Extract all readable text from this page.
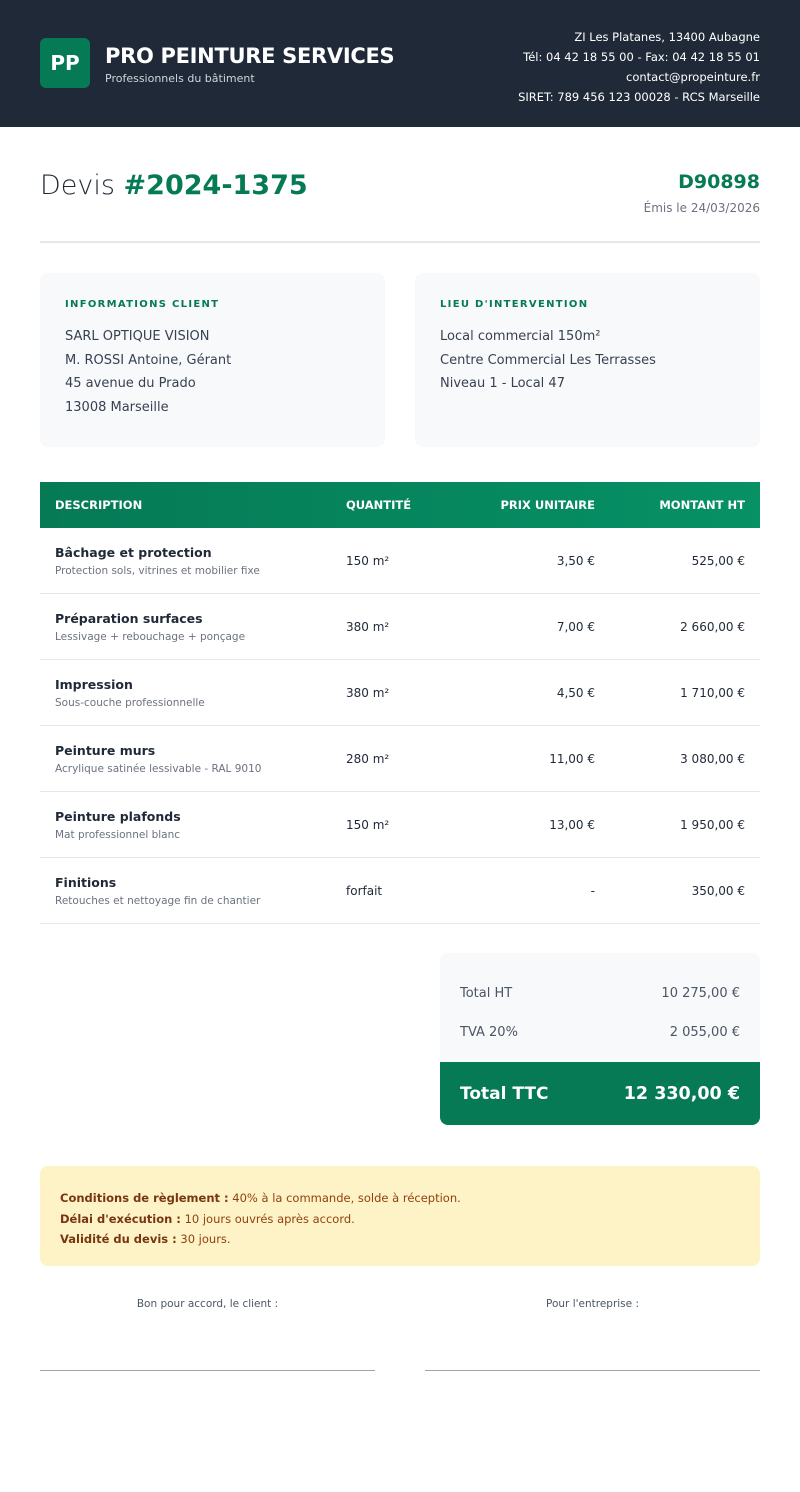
PP	PRO PEINTURE SERVICES
Professionnels du bâtiment
ZI Les Platanes, 13400 Aubagne
Tél: 04 42 18 55 00 - Fax: 04 42 18 55 01
contact@propeinture.fr
SIRET: 789 456 123 00028 - RCS Marseille
Devis #2024-1375	D90898
Émis le 24/03/2026
INFORMATIONS CLIENT
SARL OPTIQUE VISION
M. ROSSI Antoine, Gérant
45 avenue du Prado
13008 Marseille
LIEU D'INTERVENTION
Local commercial 150m²
Centre Commercial Les Terrasses
Niveau 1 - Local 47
DESCRIPTION	QUANTITÉ	PRIX UNITAIRE	MONTANT HT
Bâchage et protection
Protection sols, vitrines et mobilier fixe
150 m²	3,50 €	525,00 €
Préparation surfaces
Lessivage + rebouchage + ponçage
380 m²	7,00 €	2 660,00 €
Impression
Sous-couche professionnelle
380 m²	4,50 €	1 710,00 €
Peinture murs
Acrylique satinée lessivable - RAL 9010
280 m²	11,00 €	3 080,00 €
Peinture plafonds
Mat professionnel blanc
150 m²	13,00 €	1 950,00 €
Finitions
Retouches et nettoyage fin de chantier
forfait	-	350,00 €
Total HT	10 275,00 €
TVA 20%	2 055,00 €
Total TTC	12 330,00 €
Conditions de règlement : 40% à la commande, solde à réception.
Délai d'exécution : 10 jours ouvrés après accord.
Validité du devis : 30 jours.
Bon pour accord, le client :	Pour l'entreprise :
